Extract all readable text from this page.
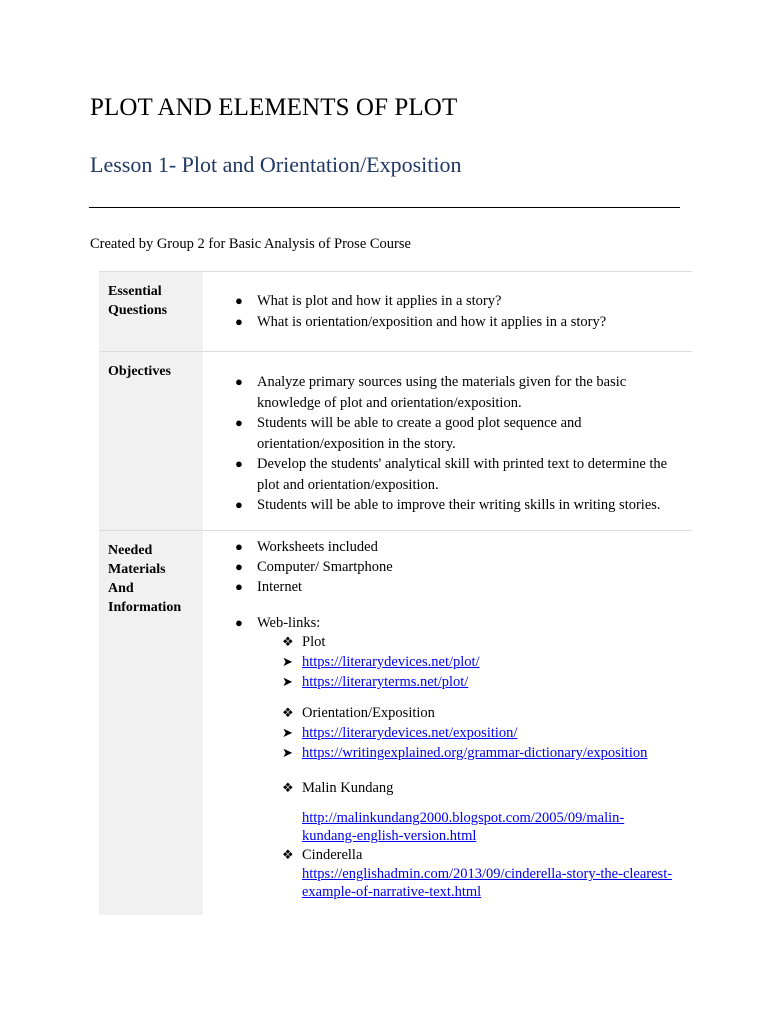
PLOT AND ELEMENTS OF PLOT
Lesson 1- Plot and Orientation/Exposition
Created by Group 2 for Basic Analysis of Prose Course
Essential
Questions
● What is plot and how it applies in a story?
● What is orientation/exposition and how it applies in a story?
Objectives
● Analyze primary sources using the materials given for the basic knowledge of plot and orientation/exposition.
● Students will be able to create a good plot sequence and orientation/exposition in the story.
● Develop the students' analytical skill with printed text to determine the plot and orientation/exposition.
● Students will be able to improve their writing skills in writing stories.
Needed
Materials
And
Information
● Worksheets included
● Computer/ Smartphone
● Internet
● Web-links:
❖ Plot
➤ https://literarydevices.net/plot/
➤ https://literaryterms.net/plot/
❖ Orientation/Exposition
➤ https://literarydevices.net/exposition/
➤ https://writingexplained.org/grammar-dictionary/exposition
❖ Malin Kundang
http://malinkundang2000.blogspot.com/2005/09/malin-
kundang-english-version.html
❖ Cinderella
https://englishadmin.com/2013/09/cinderella-story-the-clearest-
example-of-narrative-text.html
